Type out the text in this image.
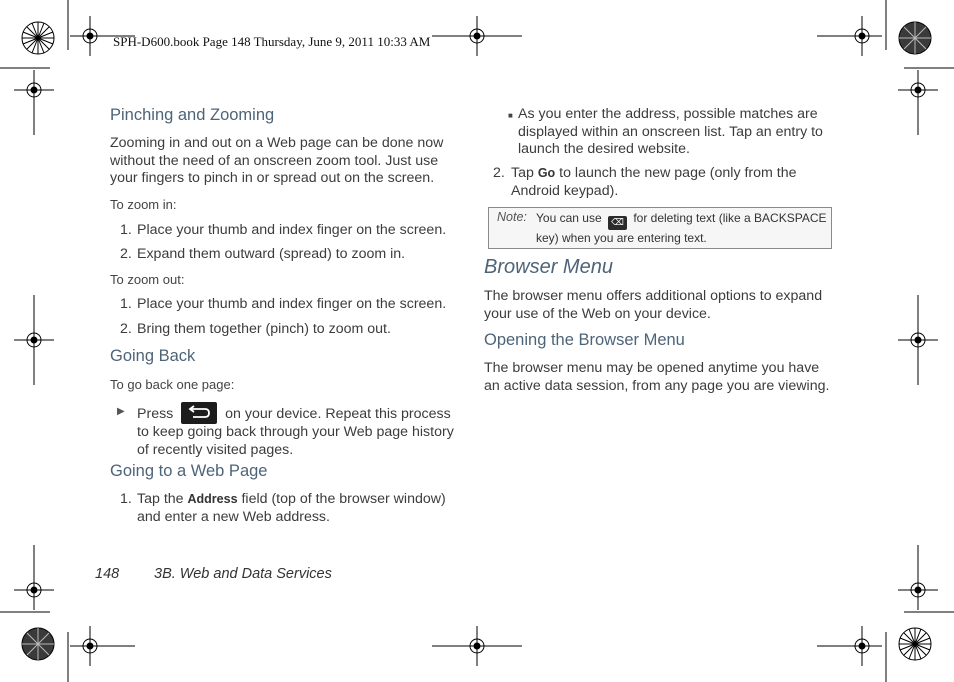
SPH-D600.book Page 148 Thursday, June 9, 2011 10:33 AM
Pinching and Zooming
Zooming in and out on a Web page can be done now
without the need of an onscreen zoom tool. Just use
your fingers to pinch in or spread out on the screen.
To zoom in:
1. Place your thumb and index finger on the screen.
2. Expand them outward (spread) to zoom in.
To zoom out:
1. Place your thumb and index finger on the screen.
2. Bring them together (pinch) to zoom out.
Going Back
To go back one page:
▶ Press	on your device. Repeat this process
to keep going back through your Web page history
of recently visited pages.
Going to a Web Page
1. Tap the Address field (top of the browser window)
and enter a new Web address.
■ As you enter the address, possible matches are
displayed within an onscreen list. Tap an entry to
launch the desired website.
2. Tap Go to launch the new page (only from the
Android keypad).
Note: You can use ⌫ for deleting text (like a BACKSPACE
key) when you are entering text.
Browser Menu
The browser menu offers additional options to expand
your use of the Web on your device.
Opening the Browser Menu
The browser menu may be opened anytime you have
an active data session, from any page you are viewing.
148 3B. Web and Data Services
